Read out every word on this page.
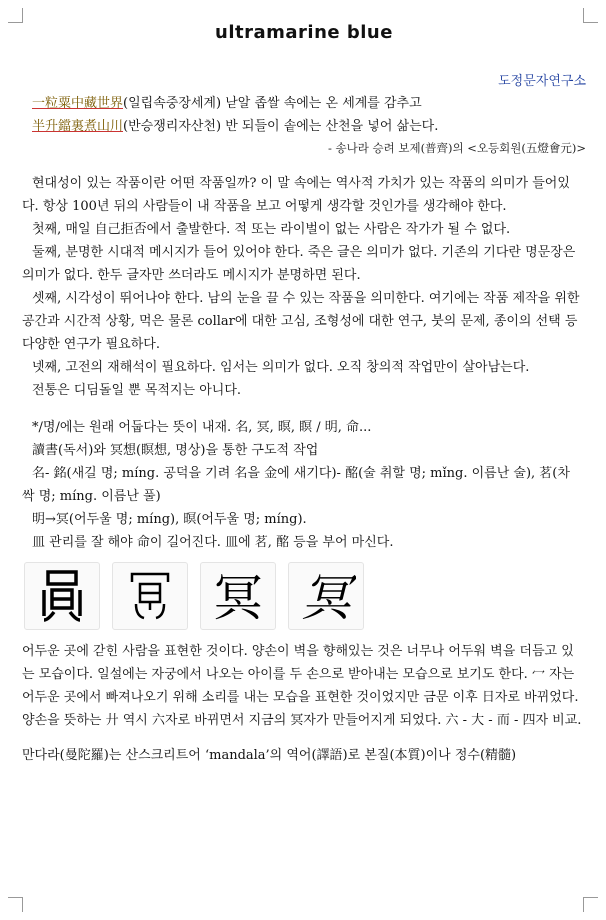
ultramarine blue
도정문자연구소

一粒粟中藏世界(일립속중장세계) 낟알 좁쌀 속에는 온 세계를 감추고

半升鐺裏煮山川(반승쟁리자산천) 반 되들이 솥에는 산천을 넣어 삶는다.

- 송나라 승려 보제(普齊)의 <오등회원(五燈會元)>

현대성이 있는 작품이란 어떤 작품일까? 이 말 속에는 역사적 가치가 있는 작품의 의미가 들어있다. 항상 100년 뒤의 사람들이 내 작품을 보고 어떻게 생각할 것인가를 생각해야 한다.

첫째, 매일 自己拒否에서 출발한다. 적 또는 라이벌이 없는 사람은 작가가 될 수 없다.

둘째, 분명한 시대적 메시지가 들어 있어야 한다. 죽은 글은 의미가 없다. 기존의 기다란 명문장은 의미가 없다. 한두 글자만 쓰더라도 메시지가 분명하면 된다.

셋째, 시각성이 뛰어나야 한다. 남의 눈을 끌 수 있는 작품을 의미한다. 여기에는 작품 제작을 위한 공간과 시간적 상황, 먹은 물론 collar에 대한 고심, 조형성에 대한 연구, 붓의 문제, 종이의 선택 등 다양한 연구가 필요하다.

넷째, 고전의 재해석이 필요하다. 임서는 의미가 없다. 오직 창의적 작업만이 살아남는다.

전통은 디딤돌일 뿐 목적지는 아니다.

*/명/에는 원래 어둡다는 뜻이 내재. 名, 冥, 暝, 瞑 / 明, 命...

讀書(독서)와 冥想(瞑想, 명상)을 통한 구도적 작업

名- 銘(새길 명; míng. 공덕을 기려 名을 金에 새기다)- 酩(술 취할 명; mǐng. 이름난 술), 茗(차 싹 명; míng. 이름난 풀)

明→冥(어두울 명; míng), 暝(어두울 명; míng).

皿 관리를 잘 해야 命이 길어진다. 皿에 茗, 酩 등을 부어 마신다.

冥 冥

어두운 곳에 갇힌 사람을 표현한 것이다. 양손이 벽을 향해있는 것은 너무나 어두워 벽을 더듬고 있는 모습이다. 일설에는 자궁에서 나오는 아이를 두 손으로 받아내는 모습으로 보기도 한다. 冖 자는 어두운 곳에서 빠져나오기 위해 소리를 내는 모습을 표현한 것이었지만 금문 이후 日자로 바뀌었다. 양손을 뜻하는 廾 역시 六자로 바뀌면서 지금의 冥자가 만들어지게 되었다. 六 - 大 - 而 - 四자 비교.

만다라(曼陀羅)는 산스크리트어 ‘mandala’의 역어(譯語)로 본질(本質)이나 정수(精髓)
